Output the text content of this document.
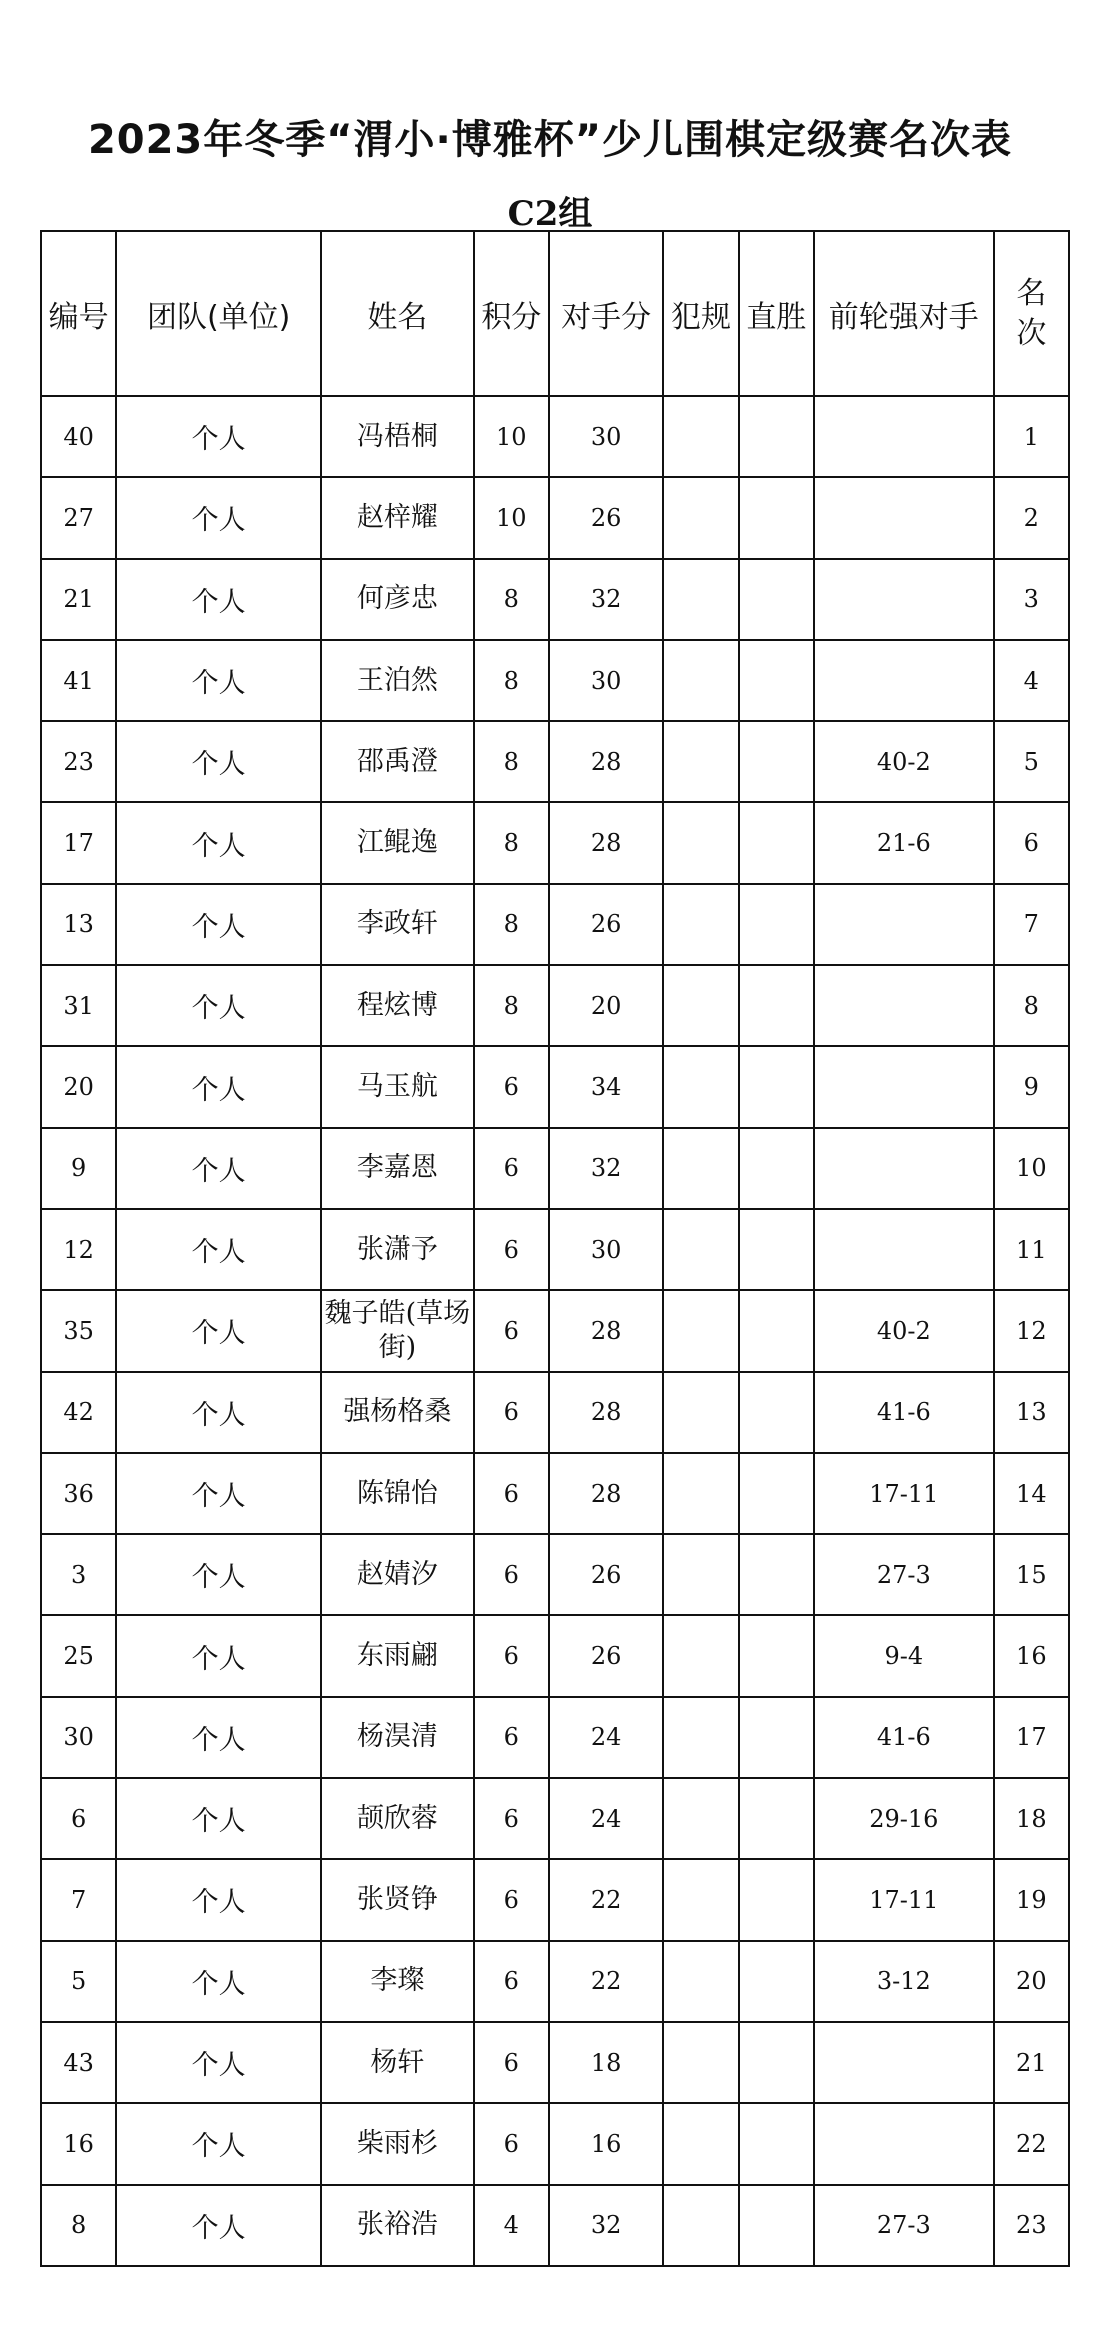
2023年冬季“渭小·博雅杯”少儿围棋定级赛名次表
C2组
编号	团队(单位)	姓名	积分	对手分	犯规	直胜	前轮强对手	名次
40	个人	冯梧桐	10	30				1
27	个人	赵梓耀	10	26				2
21	个人	何彦忠	8	32				3
41	个人	王泊然	8	30				4
23	个人	邵禹澄	8	28			40-2	5
17	个人	江鲲逸	8	28			21-6	6
13	个人	李政轩	8	26				7
31	个人	程炫博	8	20				8
20	个人	马玉航	6	34				9
9	个人	李嘉恩	6	32				10
12	个人	张潇予	6	30				11
35	个人	魏子皓(草场街)	6	28			40-2	12
42	个人	强杨格桑	6	28			41-6	13
36	个人	陈锦怡	6	28			17-11	14
3	个人	赵婧汐	6	26			27-3	15
25	个人	东雨翩	6	26			9-4	16
30	个人	杨淏清	6	24			41-6	17
6	个人	颉欣蓉	6	24			29-16	18
7	个人	张贤铮	6	22			17-11	19
5	个人	李璨	6	22			3-12	20
43	个人	杨轩	6	18				21
16	个人	柴雨杉	6	16				22
8	个人	张裕浩	4	32			27-3	23
